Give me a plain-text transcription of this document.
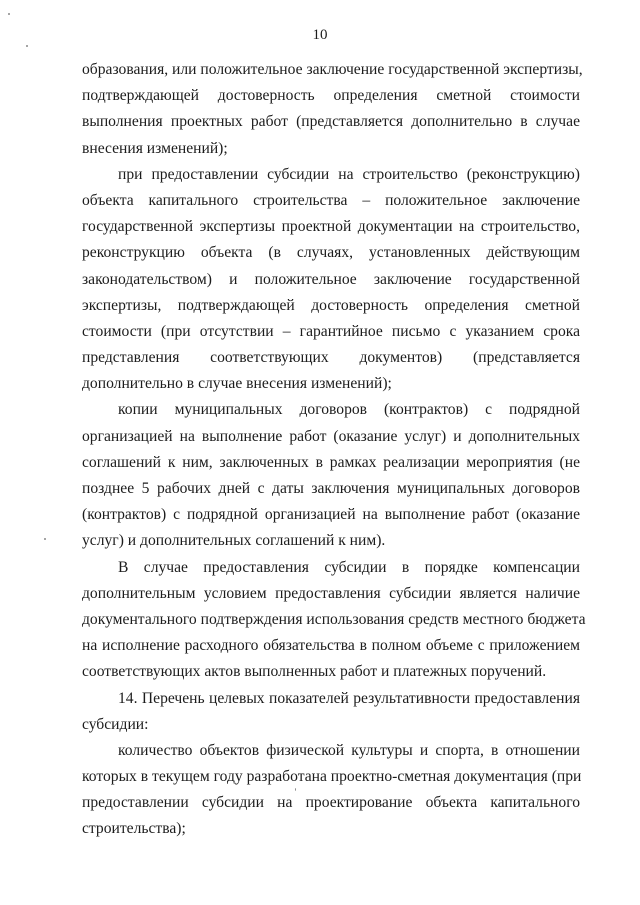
10
образования, или положительное заключение государственной экспертизы,
подтверждающей достоверность определения сметной стоимости
выполнения проектных работ (представляется дополнительно в случае
внесения изменений);
при предоставлении субсидии на строительство (реконструкцию)
объекта капитального строительства – положительное заключение
государственной экспертизы проектной документации на строительство,
реконструкцию объекта (в случаях, установленных действующим
законодательством) и положительное заключение государственной
экспертизы, подтверждающей достоверность определения сметной
стоимости (при отсутствии – гарантийное письмо с указанием срока
представления соответствующих документов) (представляется
дополнительно в случае внесения изменений);
копии муниципальных договоров (контрактов) с подрядной
организацией на выполнение работ (оказание услуг) и дополнительных
соглашений к ним, заключенных в рамках реализации мероприятия (не
позднее 5 рабочих дней с даты заключения муниципальных договоров
(контрактов) с подрядной организацией на выполнение работ (оказание
услуг) и дополнительных соглашений к ним).
В случае предоставления субсидии в порядке компенсации
дополнительным условием предоставления субсидии является наличие
документального подтверждения использования средств местного бюджета
на исполнение расходного обязательства в полном объеме с приложением
соответствующих актов выполненных работ и платежных поручений.
14. Перечень целевых показателей результативности предоставления
субсидии:
количество объектов физической культуры и спорта, в отношении
которых в текущем году разработана проектно-сметная документация (при
предоставлении субсидии на проектирование объекта капитального
строительства);
